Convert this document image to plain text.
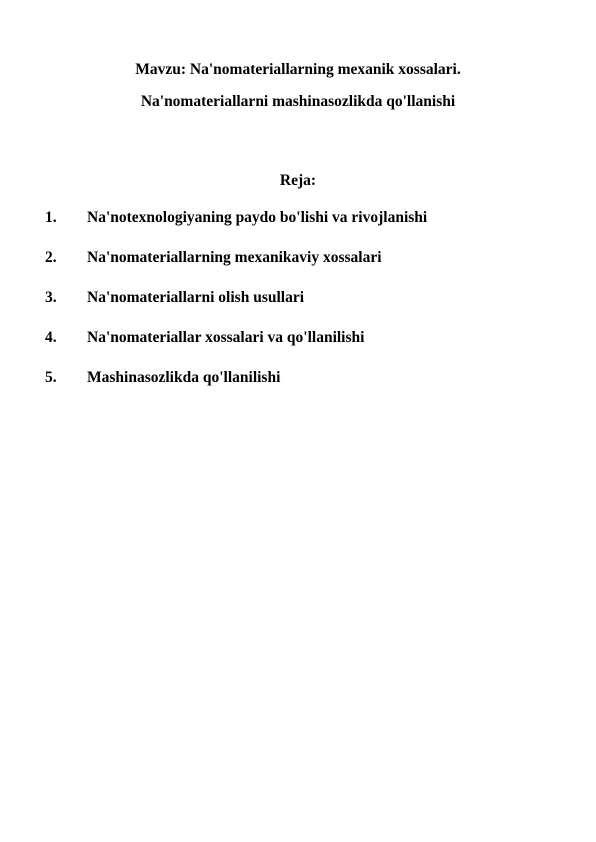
Mavzu: Na'nomateriallarning mexanik xossalari.
Na'nomateriallarni mashinasozlikda qo'llanishi
Reja:
1. Na'notexnologiyaning paydo bo'lishi va rivojlanishi
2. Na'nomateriallarning mexanikaviy xossalari
3. Na'nomateriallarni olish usullari
4. Na'nomateriallar xossalari va qo'llanilishi
5. Mashinasozlikda qo'llanilishi
